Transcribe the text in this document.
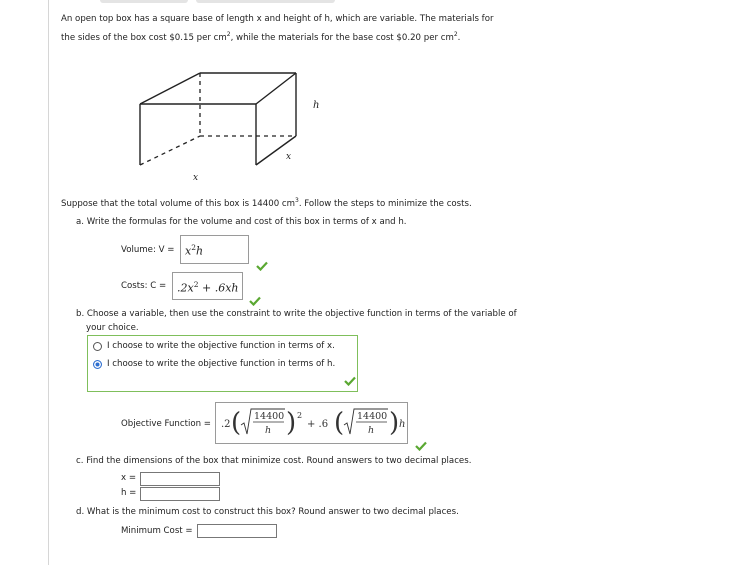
An open top box has a square base of length x and height of h, which are variable. The materials for
the sides of the box cost $0.15 per $cm^2$, while the materials for the base cost $0.20 per $cm^2$.
h
x
x
Suppose that the total volume of this box is 14400 $cm^3$. Follow the steps to minimize the costs.
a. Write the formulas for the volume and cost of this box in terms of x and h.
Volume: $V = x^2h$
Costs: $C = .2x^2 + .6xh$
b. Choose a variable, then use the constraint to write the objective function in terms of the variable of
your choice.
I choose to write the objective function in terms of x.
I choose to write the objective function in terms of h.
Objective Function = .2 ( 14400
h ) 2
+ .6 ( 14400
h ) h
c. Find the dimensions of the box that minimize cost. Round answers to two decimal places.
x =
h =
d. What is the minimum cost to construct this box? Round answer to two decimal places.
Minimum Cost =
